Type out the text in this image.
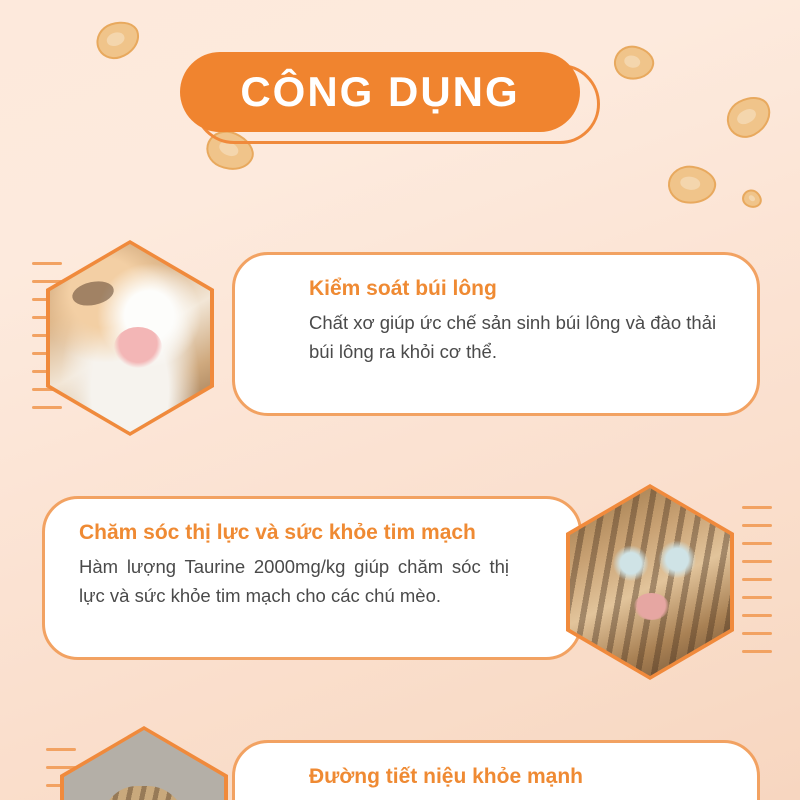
CÔNG DỤNG
Kiểm soát búi lông

Chất xơ giúp ức chế sản sinh búi lông và đào thải búi lông ra khỏi cơ thể.

Chăm sóc thị lực và sức khỏe tim mạch

Hàm lượng Taurine 2000mg/kg giúp chăm sóc thị lực và sức khỏe tim mạch cho các chú mèo.

Đường tiết niệu khỏe mạnh
